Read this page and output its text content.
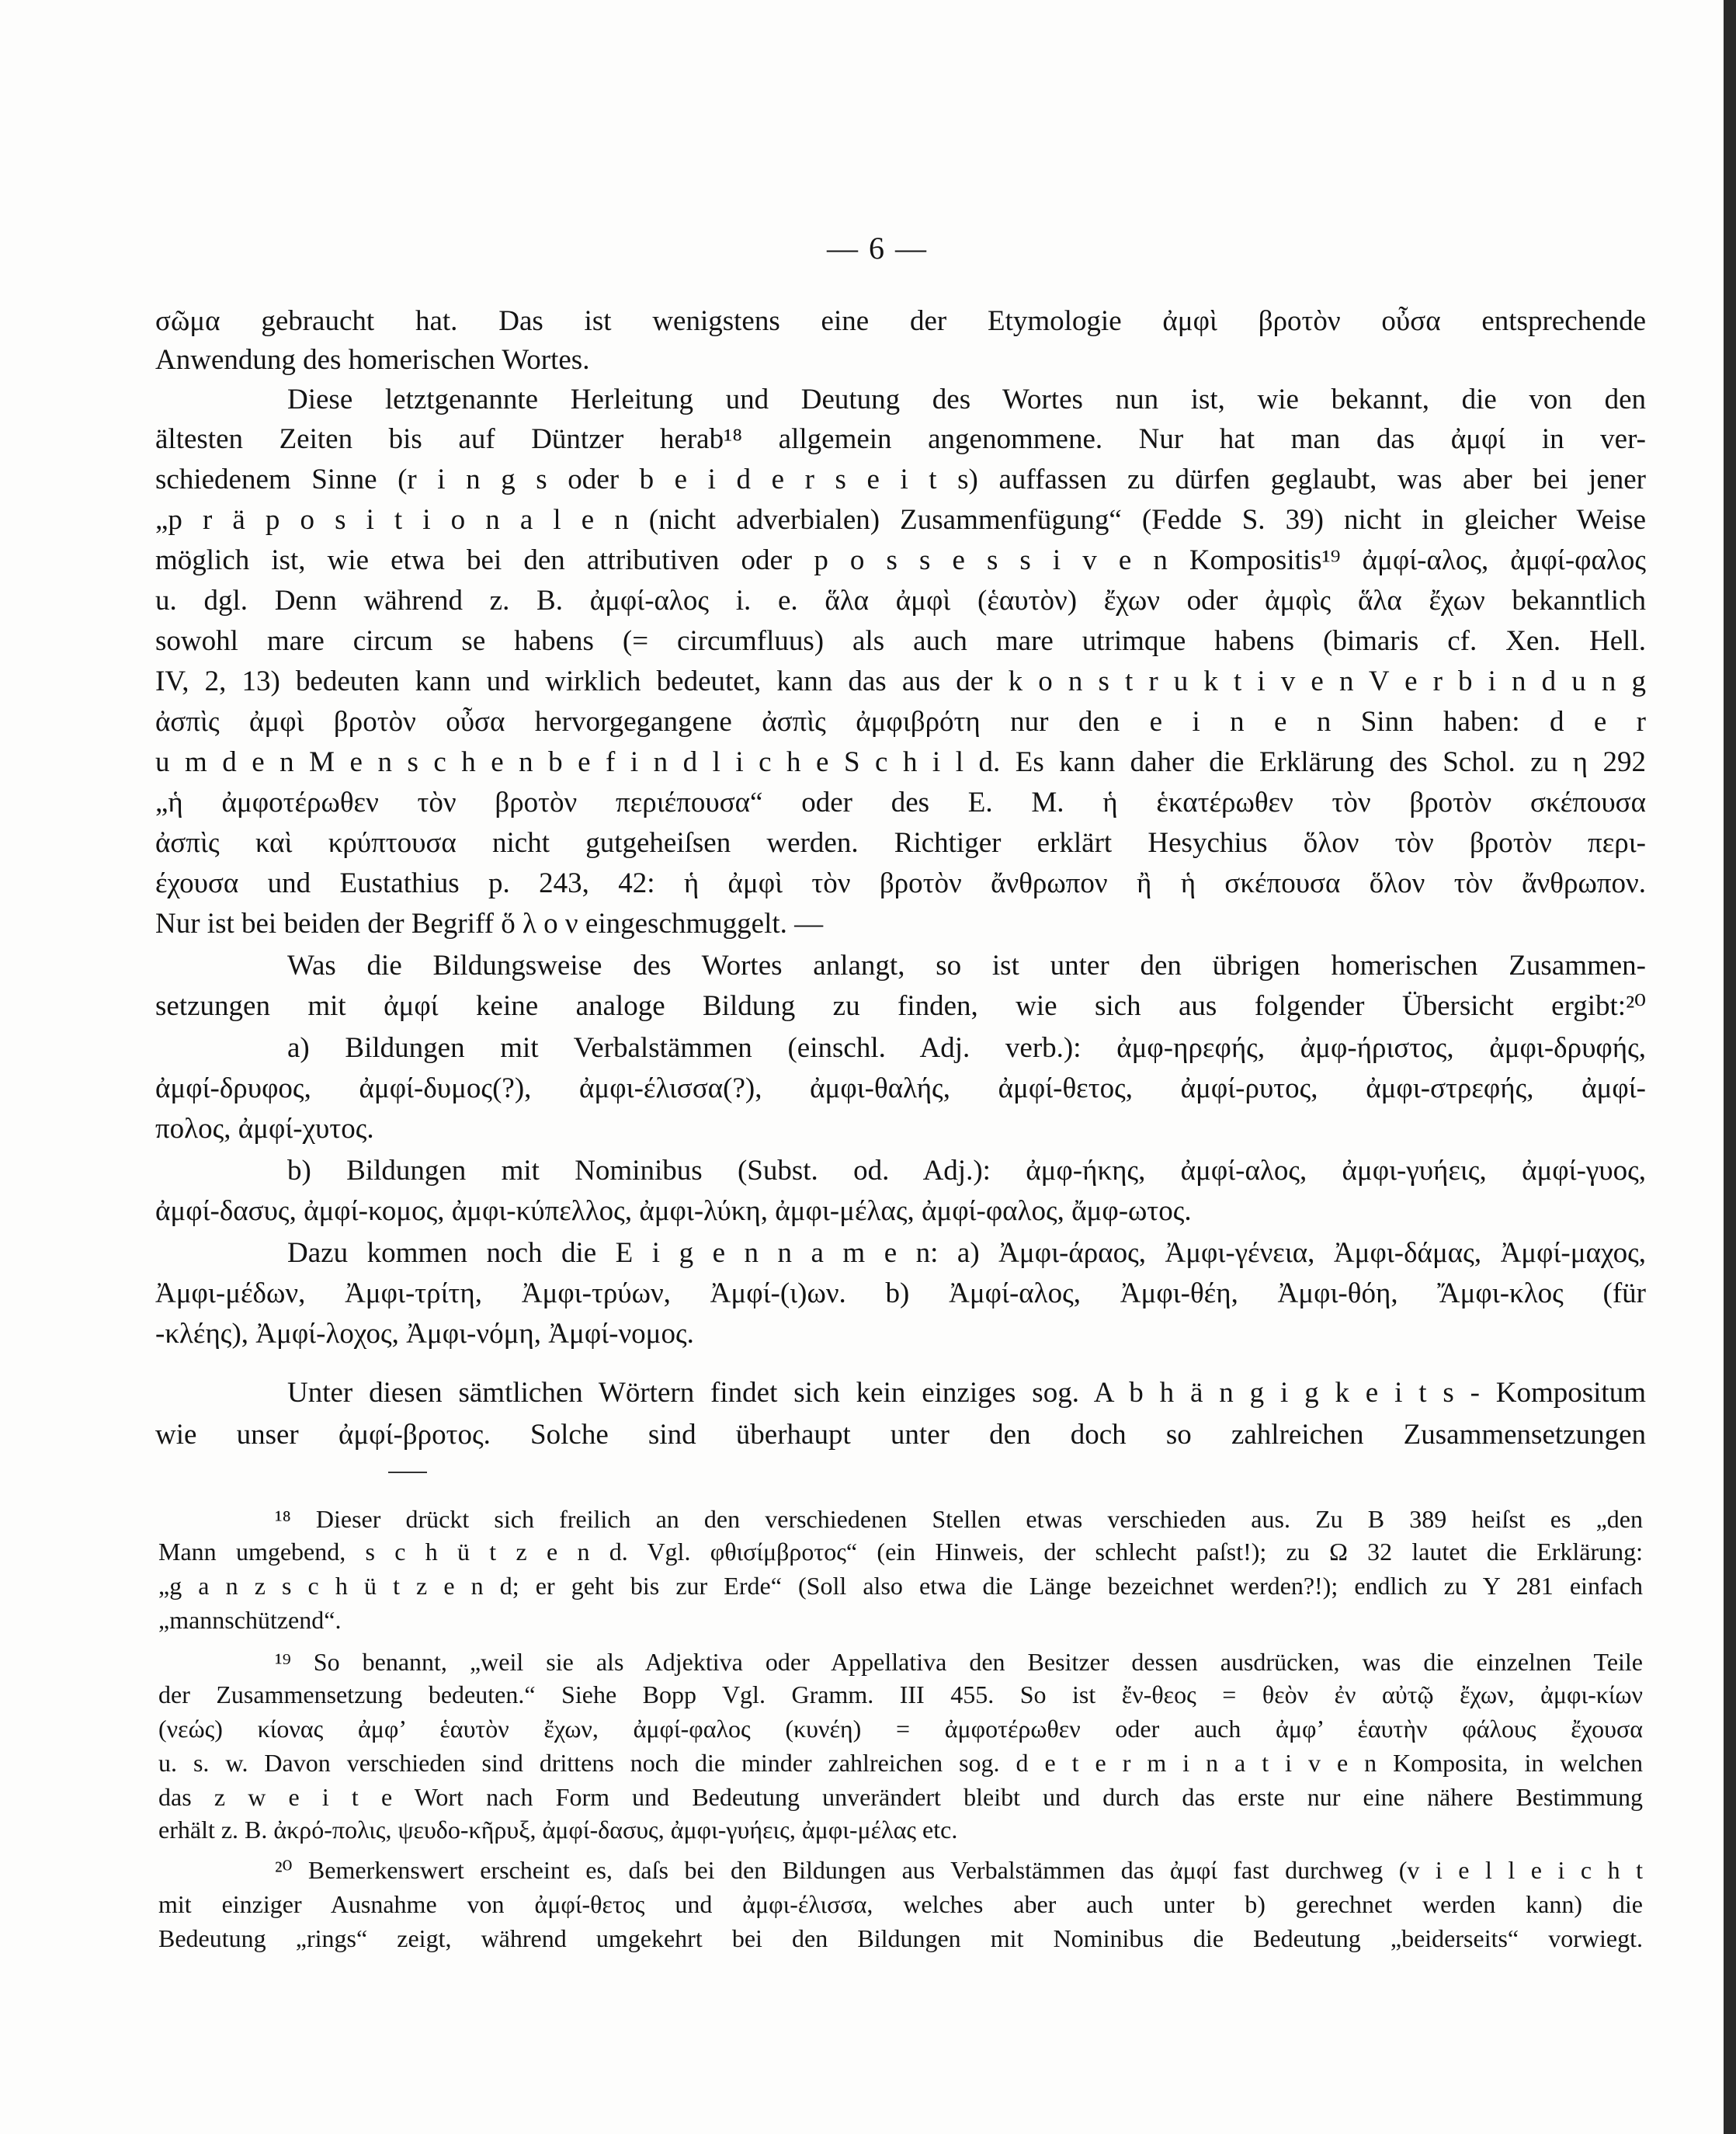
— 6 —
σῶμα gebraucht hat. Das ist wenigstens eine der Etymologie ἀμφὶ βροτὸν οὖσα entsprechende
Anwendung des homerischen Wortes.
Diese letztgenannte Herleitung und Deutung des Wortes nun ist, wie bekannt, die von den
ältesten Zeiten bis auf Düntzer herab¹⁸ allgemein angenommene. Nur hat man das ἀμφί in ver-
schiedenem Sinne (r i n g s oder b e i d e r s e i t s) auffassen zu dürfen geglaubt, was aber bei jener
„p r ä p o s i t i o n a l e n (nicht adverbialen) Zusammenfügung“ (Fedde S. 39) nicht in gleicher Weise
möglich ist, wie etwa bei den attributiven oder p o s s e s s i v e n Kompositis¹⁹ ἀμφί-αλος, ἀμφί-φαλος
u. dgl. Denn während z. B. ἀμφί-αλος i. e. ἅλα ἀμφὶ (ἑαυτὸν) ἔχων oder ἀμφὶς ἅλα ἔχων bekanntlich
sowohl mare circum se habens (= circumfluus) als auch mare utrimque habens (bimaris cf. Xen. Hell.
IV, 2, 13) bedeuten kann und wirklich bedeutet, kann das aus der k o n s t r u k t i v e n V e r b i n d u n g
ἀσπὶς ἀμφὶ βροτὸν οὖσα hervorgegangene ἀσπὶς ἀμφιβρότη nur den e i n e n Sinn haben: d e r
u m d e n M e n s c h e n b e f i n d l i c h e S c h i l d. Es kann daher die Erklärung des Schol. zu η 292
„ἡ ἀμφοτέρωθεν τὸν βροτὸν περιέπουσα“ oder des E. M. ἡ ἑκατέρωθεν τὸν βροτὸν σκέπουσα
ἀσπὶς καὶ κρύπτουσα nicht gutgeheiſsen werden. Richtiger erklärt Hesychius ὅλον τὸν βροτὸν περι-
έχουσα und Eustathius p. 243, 42: ἡ ἀμφὶ τὸν βροτὸν ἄνθρωπον ἢ ἡ σκέπουσα ὅλον τὸν ἄνθρωπον.
Nur ist bei beiden der Begriff ὅ λ ο ν eingeschmuggelt. —
Was die Bildungsweise des Wortes anlangt, so ist unter den übrigen homerischen Zusammen-
setzungen mit ἀμφί keine analoge Bildung zu finden, wie sich aus folgender Übersicht ergibt:²⁰
a) Bildungen mit Verbalstämmen (einschl. Adj. verb.): ἀμφ-ηρεφής, ἀμφ-ήριστος, ἀμφι-δρυφής,
ἀμφί-δρυφος, ἀμφί-δυμος(?), ἀμφι-έλισσα(?), ἀμφι-θαλής, ἀμφί-θετος, ἀμφί-ρυτος, ἀμφι-στρεφής, ἀμφί-
πολος, ἀμφί-χυτος.
b) Bildungen mit Nominibus (Subst. od. Adj.): ἀμφ-ήκης, ἀμφί-αλος, ἀμφι-γυήεις, ἀμφί-γυος,
ἀμφί-δασυς, ἀμφί-κομος, ἀμφι-κύπελλος, ἀμφι-λύκη, ἀμφι-μέλας, ἀμφί-φαλος, ἄμφ-ωτος.
Dazu kommen noch die E i g e n n a m e n: a) Ἀμφι-άραος, Ἀμφι-γένεια, Ἀμφι-δάμας, Ἀμφί-μαχος,
Ἀμφι-μέδων, Ἀμφι-τρίτη, Ἀμφι-τρύων, Ἀμφί-(ι)ων. b) Ἀμφί-αλος, Ἀμφι-θέη, Ἀμφι-θόη, Ἄμφι-κλος (für
-κλέης), Ἀμφί-λοχος, Ἀμφι-νόμη, Ἀμφί-νομος.
Unter diesen sämtlichen Wörtern findet sich kein einziges sog. A b h ä n g i g k e i t s - Kompositum
wie unser ἀμφί-βροτος. Solche sind überhaupt unter den doch so zahlreichen Zusammensetzungen
¹⁸ Dieser drückt sich freilich an den verschiedenen Stellen etwas verschieden aus. Zu B 389 heiſst es „den
Mann umgebend, s c h ü t z e n d. Vgl. φθισίμβροτος“ (ein Hinweis, der schlecht paſst!); zu Ω 32 lautet die Erklärung:
„g a n z s c h ü t z e n d; er geht bis zur Erde“ (Soll also etwa die Länge bezeichnet werden?!); endlich zu Y 281 einfach
„mannschützend“.
¹⁹ So benannt, „weil sie als Adjektiva oder Appellativa den Besitzer dessen ausdrücken, was die einzelnen Teile
der Zusammensetzung bedeuten.“ Siehe Bopp Vgl. Gramm. III 455. So ist ἔν-θεος = θεὸν ἐν αὐτῷ ἔχων, ἀμφι-κίων
(νεώς) κίονας ἀμφ’ ἑαυτὸν ἔχων, ἀμφί-φαλος (κυνέη) = ἀμφοτέρωθεν oder auch ἀμφ’ ἑαυτὴν φάλους ἔχουσα
u. s. w. Davon verschieden sind drittens noch die minder zahlreichen sog. d e t e r m i n a t i v e n Komposita, in welchen
das z w e i t e Wort nach Form und Bedeutung unverändert bleibt und durch das erste nur eine nähere Bestimmung
erhält z. B. ἀκρό-πολις, ψευδο-κῆρυξ, ἀμφί-δασυς, ἀμφι-γυήεις, ἀμφι-μέλας etc.
²⁰ Bemerkenswert erscheint es, daſs bei den Bildungen aus Verbalstämmen das ἀμφί fast durchweg (v i e l l e i c h t
mit einziger Ausnahme von ἀμφί-θετος und ἀμφι-έλισσα, welches aber auch unter b) gerechnet werden kann) die
Bedeutung „rings“ zeigt, während umgekehrt bei den Bildungen mit Nominibus die Bedeutung „beiderseits“ vorwiegt.
